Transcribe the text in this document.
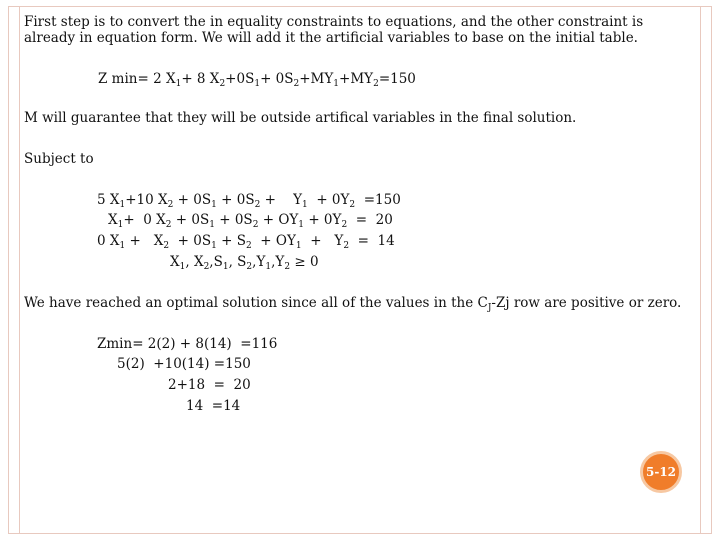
First step is to convert the in equality constraints to equations, and the other constraint is
already in equation form. We will add it the artificial variables to base on the initial table.
Z min= 2 $X_1+ 8$ $X_2+0S_1+ 0S_2+MY_1+MY_2=150$
M will guarantee that they will be outside artifical variables in the final solution.
Subject to
5 $X_1+10$ $X_2 + 0S_1 + 0S_2$ +    $Y_1 + 0Y_2 =150$
$X_1+ 0$ $X_2 + 0S_1 + 0S_2 + OY_1 + 0Y_2 = 20$
0 $X_1 + X_2 + 0S_1 + S_2 + OY_1 + Y_2 = 14$
$X_1$, $X_2,S_1$, $S_2,Y_1,Y_2 \ge 0$
We have reached an optimal solution since all of the values in the $C_J-Zj$ row are positive or zero.
Zmin= 2(2) + 8(14)  =116
5(2)  +10(14) =150
2+18  =  20
14  =14
5-12
